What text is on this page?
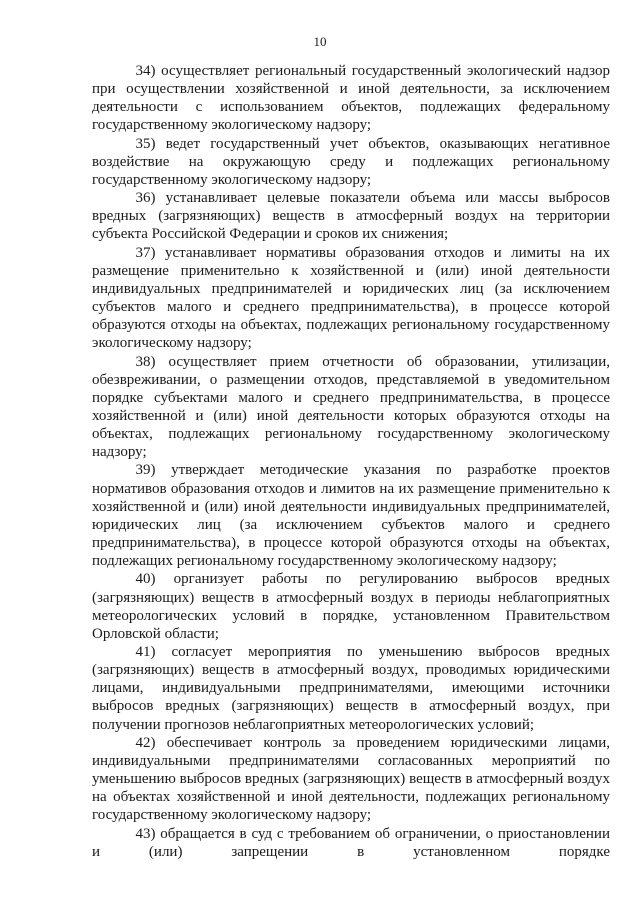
10

34) осуществляет региональный государственный экологический надзор при осуществлении хозяйственной и иной деятельности, за исключением деятельности с использованием объектов, подлежащих федеральному государственному экологическому надзору;

35) ведет государственный учет объектов, оказывающих негативное воздействие на окружающую среду и подлежащих региональному государственному экологическому надзору;

36) устанавливает целевые показатели объема или массы выбросов вредных (загрязняющих) веществ в атмосферный воздух на территории субъекта Российской Федерации и сроков их снижения;

37) устанавливает нормативы образования отходов и лимиты на их размещение применительно к хозяйственной и (или) иной деятельности индивидуальных предпринимателей и юридических лиц (за исключением субъектов малого и среднего предпринимательства), в процессе которой образуются отходы на объектах, подлежащих региональному государственному экологическому надзору;

38) осуществляет прием отчетности об образовании, утилизации, обезвреживании, о размещении отходов, представляемой в уведомительном порядке субъектами малого и среднего предпринимательства, в процессе хозяйственной и (или) иной деятельности которых образуются отходы на объектах, подлежащих региональному государственному экологическому надзору;

39) утверждает методические указания по разработке проектов нормативов образования отходов и лимитов на их размещение применительно к хозяйственной и (или) иной деятельности индивидуальных предпринимателей, юридических лиц (за исключением субъектов малого и среднего предпринимательства), в процессе которой образуются отходы на объектах, подлежащих региональному государственному экологическому надзору;

40) организует работы по регулированию выбросов вредных (загрязняющих) веществ в атмосферный воздух в периоды неблагоприятных метеорологических условий в порядке, установленном Правительством Орловской области;

41) согласует мероприятия по уменьшению выбросов вредных (загрязняющих) веществ в атмосферный воздух, проводимых юридическими лицами, индивидуальными предпринимателями, имеющими источники выбросов вредных (загрязняющих) веществ в атмосферный воздух, при получении прогнозов неблагоприятных метеорологических условий;

42) обеспечивает контроль за проведением юридическими лицами, индивидуальными предпринимателями согласованных мероприятий по уменьшению выбросов вредных (загрязняющих) веществ в атмосферный воздух на объектах хозяйственной и иной деятельности, подлежащих региональному государственному экологическому надзору;

43) обращается в суд с требованием об ограничении, о приостановлении и (или) запрещении в установленном порядке
